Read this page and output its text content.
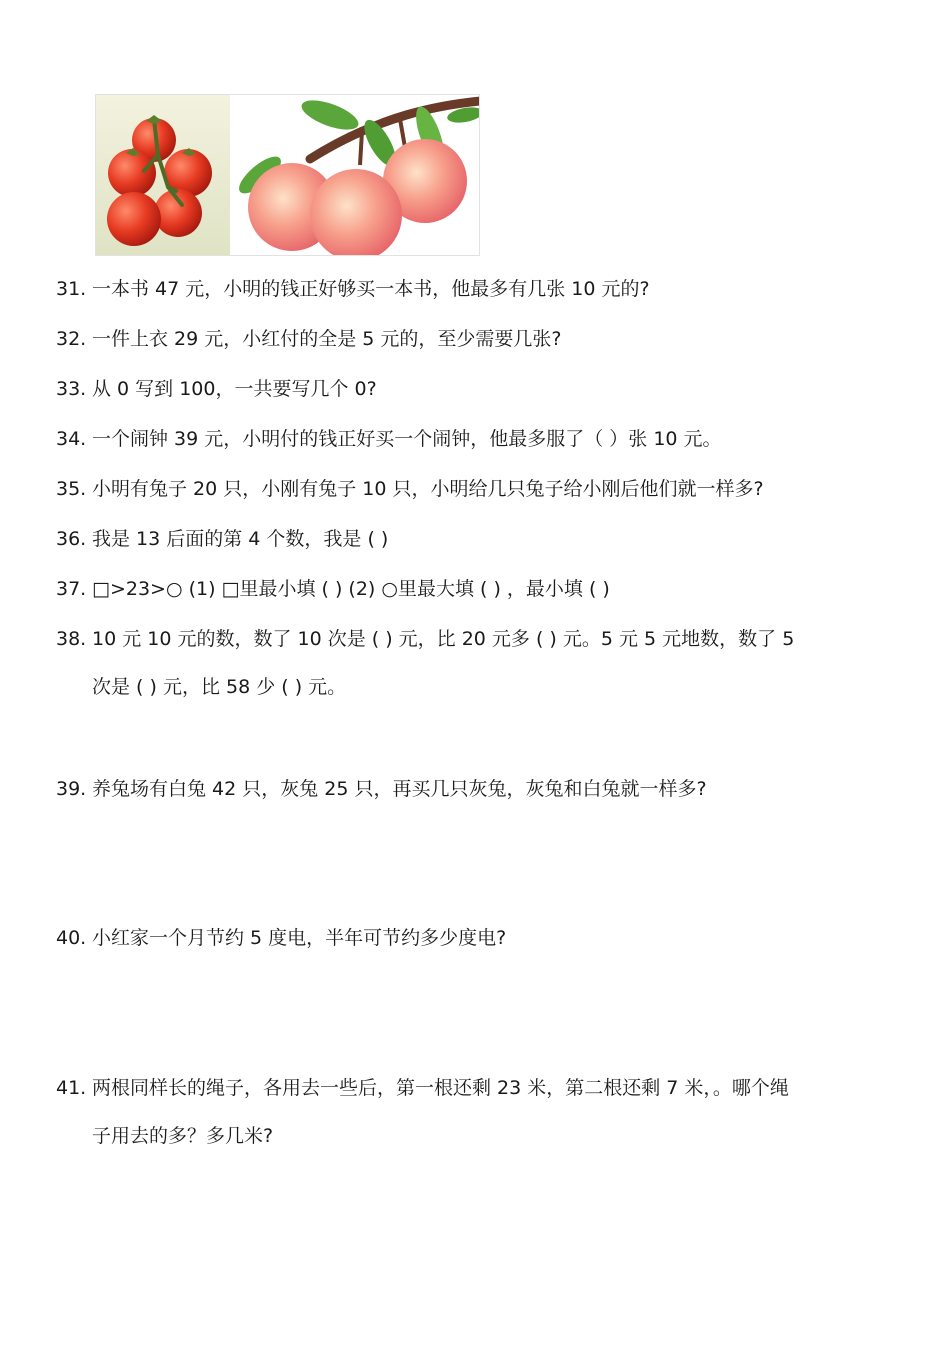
31. 一本书 47 元，小明的钱正好够买一本书，他最多有几张 10 元的?
32. 一件上衣 29 元，小红付的全是 5 元的，至少需要几张?
33. 从 0 写到 100，一共要写几个 0?
34. 一个闹钟 39 元，小明付的钱正好买一个闹钟，他最多服了（ ）张 10 元。
35. 小明有兔子 20 只，小刚有兔子 10 只，小明给几只兔子给小刚后他们就一样多?
36. 我是 13 后面的第 4 个数，我是 ( )
37. □>23>○ (1) □里最小填 ( ) (2) ○里最大填 ( ) ，最小填 ( )
38. 10 元 10 元的数，数了 10 次是 ( ) 元，比 20 元多 ( ) 元。5 元 5 元地数，数了 5
次是 ( ) 元，比 58 少 ( ) 元。
39. 养兔场有白兔 42 只，灰兔 25 只，再买几只灰兔，灰兔和白兔就一样多?
40. 小红家一个月节约 5 度电，半年可节约多少度电?
41. 两根同样长的绳子，各用去一些后，第一根还剩 23 米，第二根还剩 7 米，。哪个绳
子用去的多？多几米?
